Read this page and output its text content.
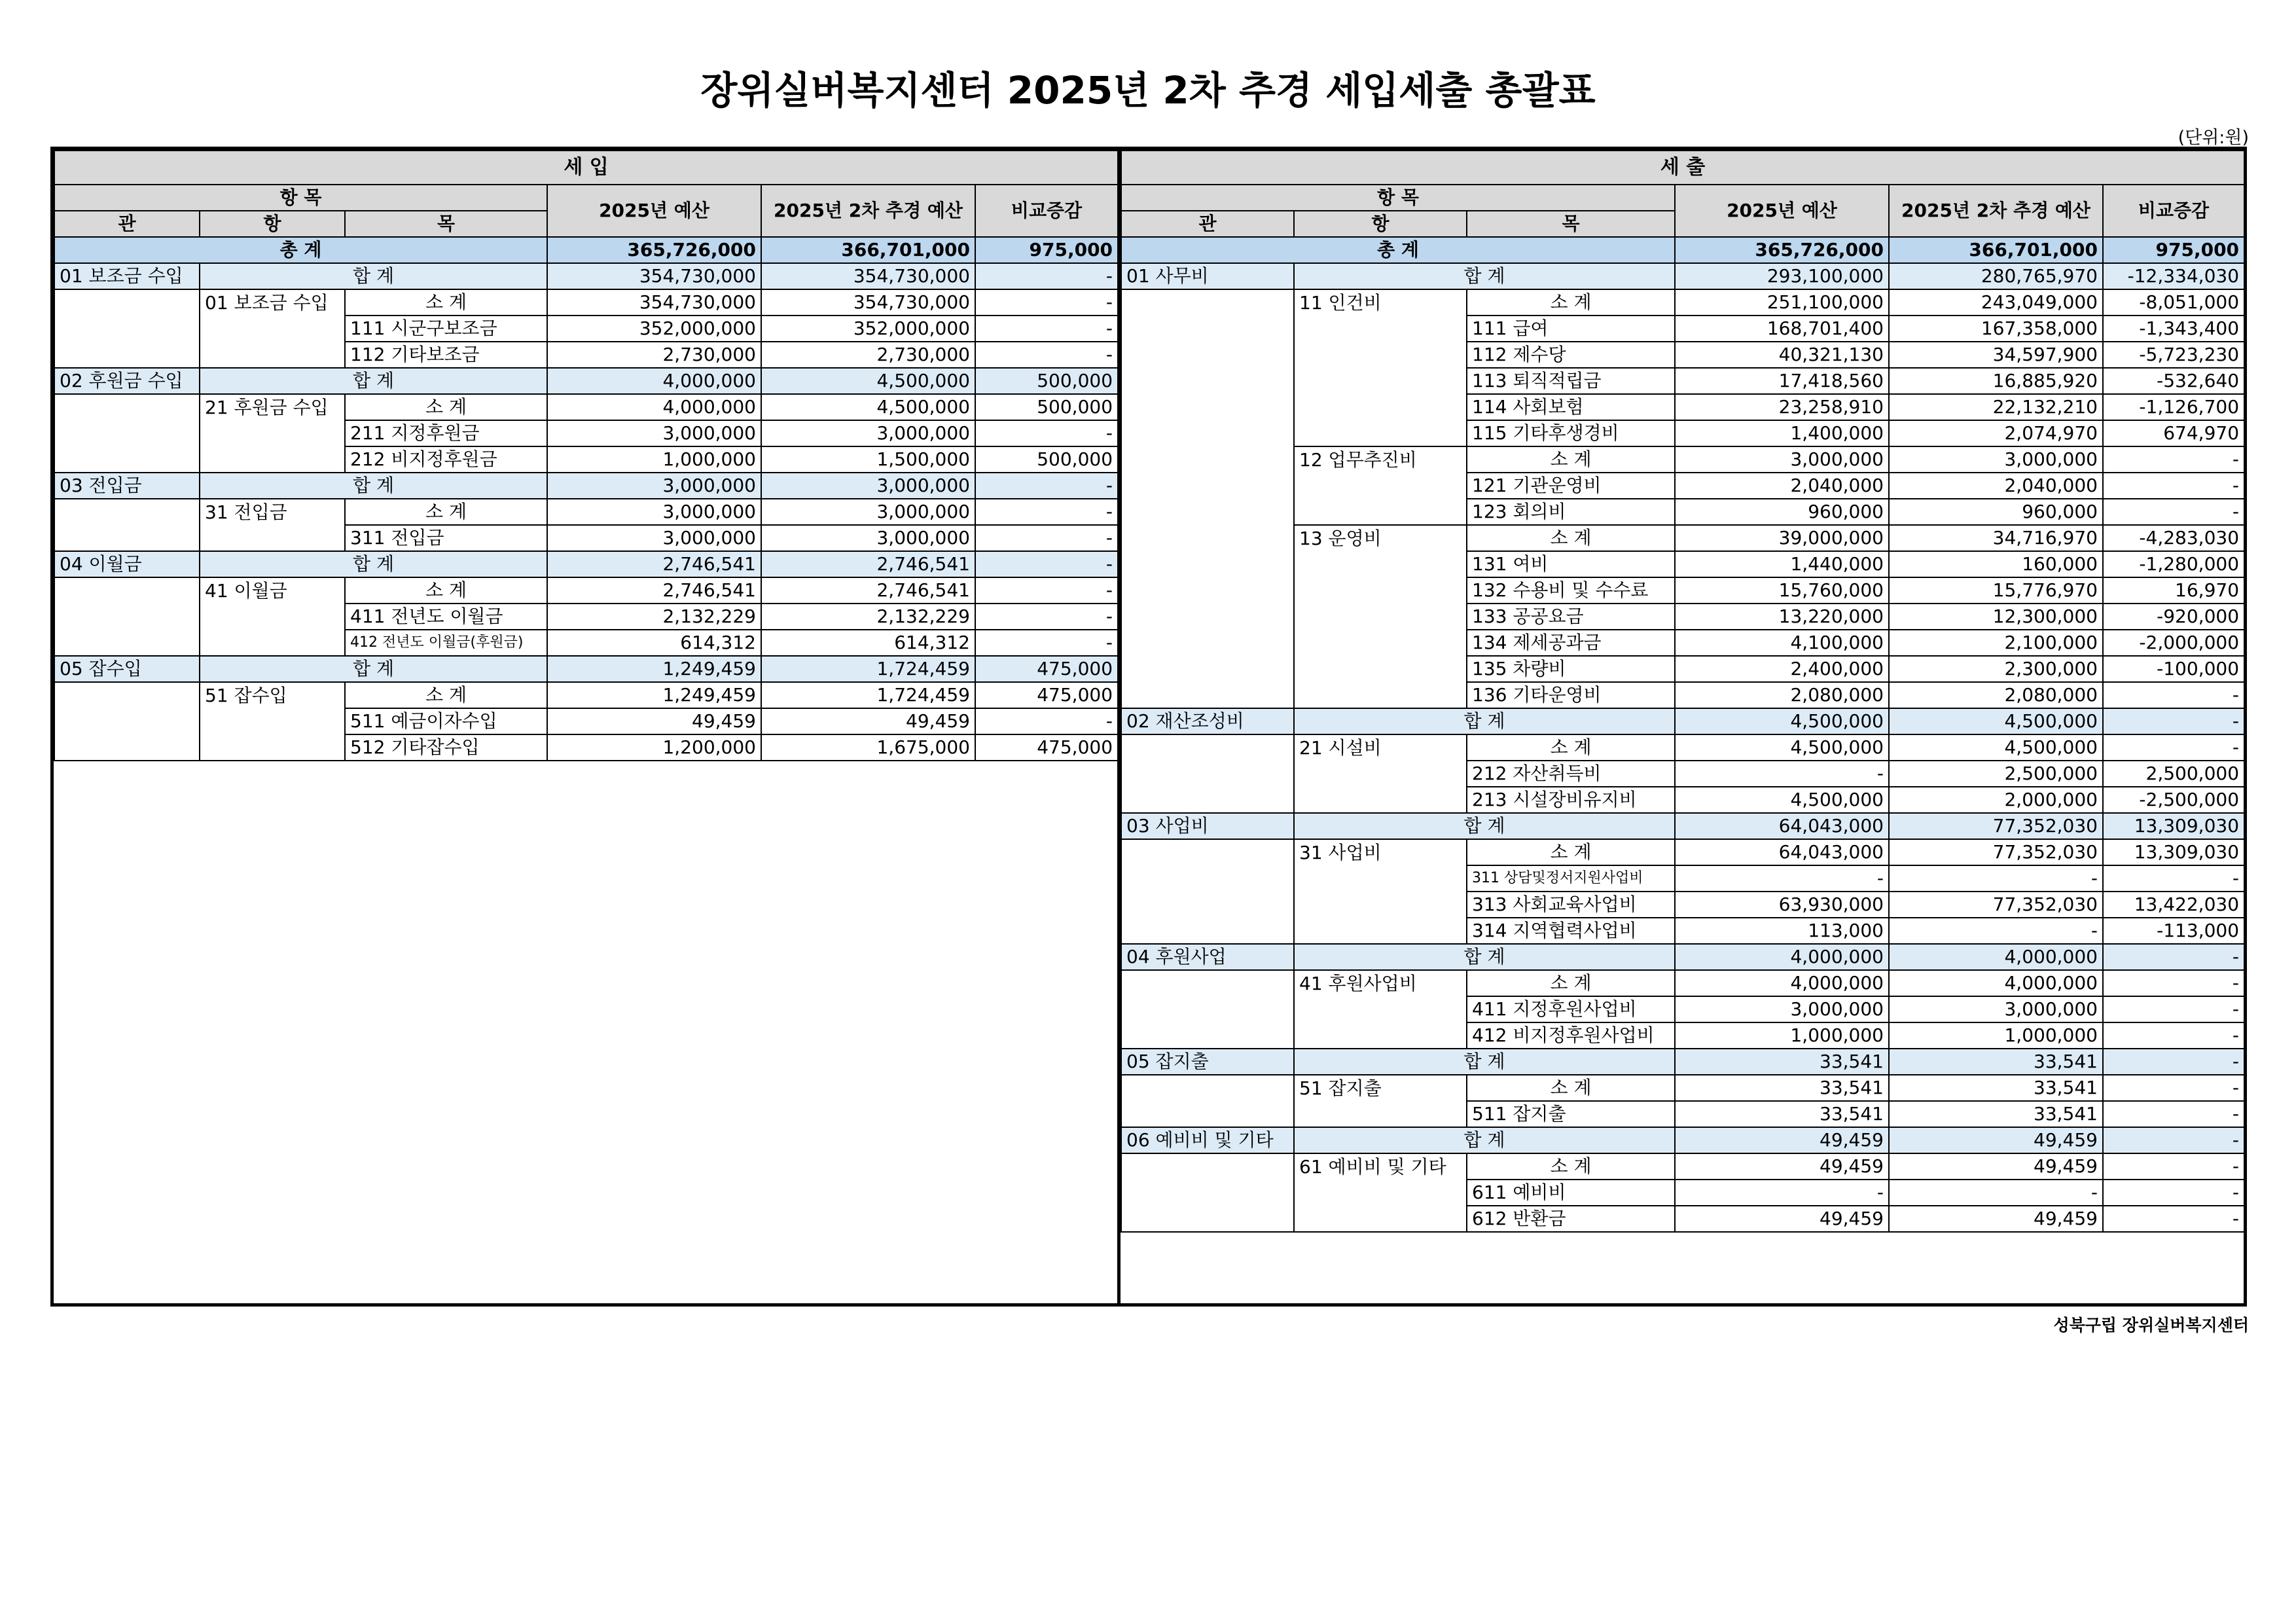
장위실버복지센터 2025년 2차 추경 세입세출 총괄표
(단위:원)
세 입					
항 목			2025년 예산	2025년 2차 추경 예산	비교증감
관	항	목			
총 계			365,726,000	366,701,000	975,000
01 보조금 수입	합 계		354,730,000	354,730,000	-
	01 보조금 수입	소 계	354,730,000	354,730,000	-
		111 시군구보조금	352,000,000	352,000,000	-
		112 기타보조금	2,730,000	2,730,000	-
02 후원금 수입	합 계		4,000,000	4,500,000	500,000
	21 후원금 수입	소 계	4,000,000	4,500,000	500,000
		211 지정후원금	3,000,000	3,000,000	-
		212 비지정후원금	1,000,000	1,500,000	500,000
03 전입금	합 계		3,000,000	3,000,000	-
	31 전입금	소 계	3,000,000	3,000,000	-
		311 전입금	3,000,000	3,000,000	-
04 이월금	합 계		2,746,541	2,746,541	-
	41 이월금	소 계	2,746,541	2,746,541	-
		411 전년도 이월금	2,132,229	2,132,229	-
		412 전년도 이월금(후원금)	614,312	614,312	-
05 잡수입	합 계		1,249,459	1,724,459	475,000
	51 잡수입	소 계	1,249,459	1,724,459	475,000
		511 예금이자수입	49,459	49,459	-
		512 기타잡수입	1,200,000	1,675,000	475,000
세 출					
항 목			2025년 예산	2025년 2차 추경 예산	비교증감
관	항	목			
총 계			365,726,000	366,701,000	975,000
01 사무비	합 계		293,100,000	280,765,970	-12,334,030
	11 인건비	소 계	251,100,000	243,049,000	-8,051,000
		111 급여	168,701,400	167,358,000	-1,343,400
		112 제수당	40,321,130	34,597,900	-5,723,230
		113 퇴직적립금	17,418,560	16,885,920	-532,640
		114 사회보험	23,258,910	22,132,210	-1,126,700
		115 기타후생경비	1,400,000	2,074,970	674,970
	12 업무추진비	소 계	3,000,000	3,000,000	-
		121 기관운영비	2,040,000	2,040,000	-
		123 회의비	960,000	960,000	-
	13 운영비	소 계	39,000,000	34,716,970	-4,283,030
		131 여비	1,440,000	160,000	-1,280,000
		132 수용비 및 수수료	15,760,000	15,776,970	16,970
		133 공공요금	13,220,000	12,300,000	-920,000
		134 제세공과금	4,100,000	2,100,000	-2,000,000
		135 차량비	2,400,000	2,300,000	-100,000
		136 기타운영비	2,080,000	2,080,000	-
02 재산조성비	합 계		4,500,000	4,500,000	-
	21 시설비	소 계	4,500,000	4,500,000	-
		212 자산취득비	-	2,500,000	2,500,000
		213 시설장비유지비	4,500,000	2,000,000	-2,500,000
03 사업비	합 계		64,043,000	77,352,030	13,309,030
	31 사업비	소 계	64,043,000	77,352,030	13,309,030
		311 상담및정서지원사업비	-	-	-
		313 사회교육사업비	63,930,000	77,352,030	13,422,030
		314 지역협력사업비	113,000	-	-113,000
04 후원사업	합 계		4,000,000	4,000,000	-
	41 후원사업비	소 계	4,000,000	4,000,000	-
		411 지정후원사업비	3,000,000	3,000,000	-
		412 비지정후원사업비	1,000,000	1,000,000	-
05 잡지출	합 계		33,541	33,541	-
	51 잡지출	소 계	33,541	33,541	-
		511 잡지출	33,541	33,541	-
06 예비비 및 기타	합 계		49,459	49,459	-
	61 예비비 및 기타	소 계	49,459	49,459	-
		611 예비비	-	-	-
		612 반환금	49,459	49,459	-
성북구립 장위실버복지센터
